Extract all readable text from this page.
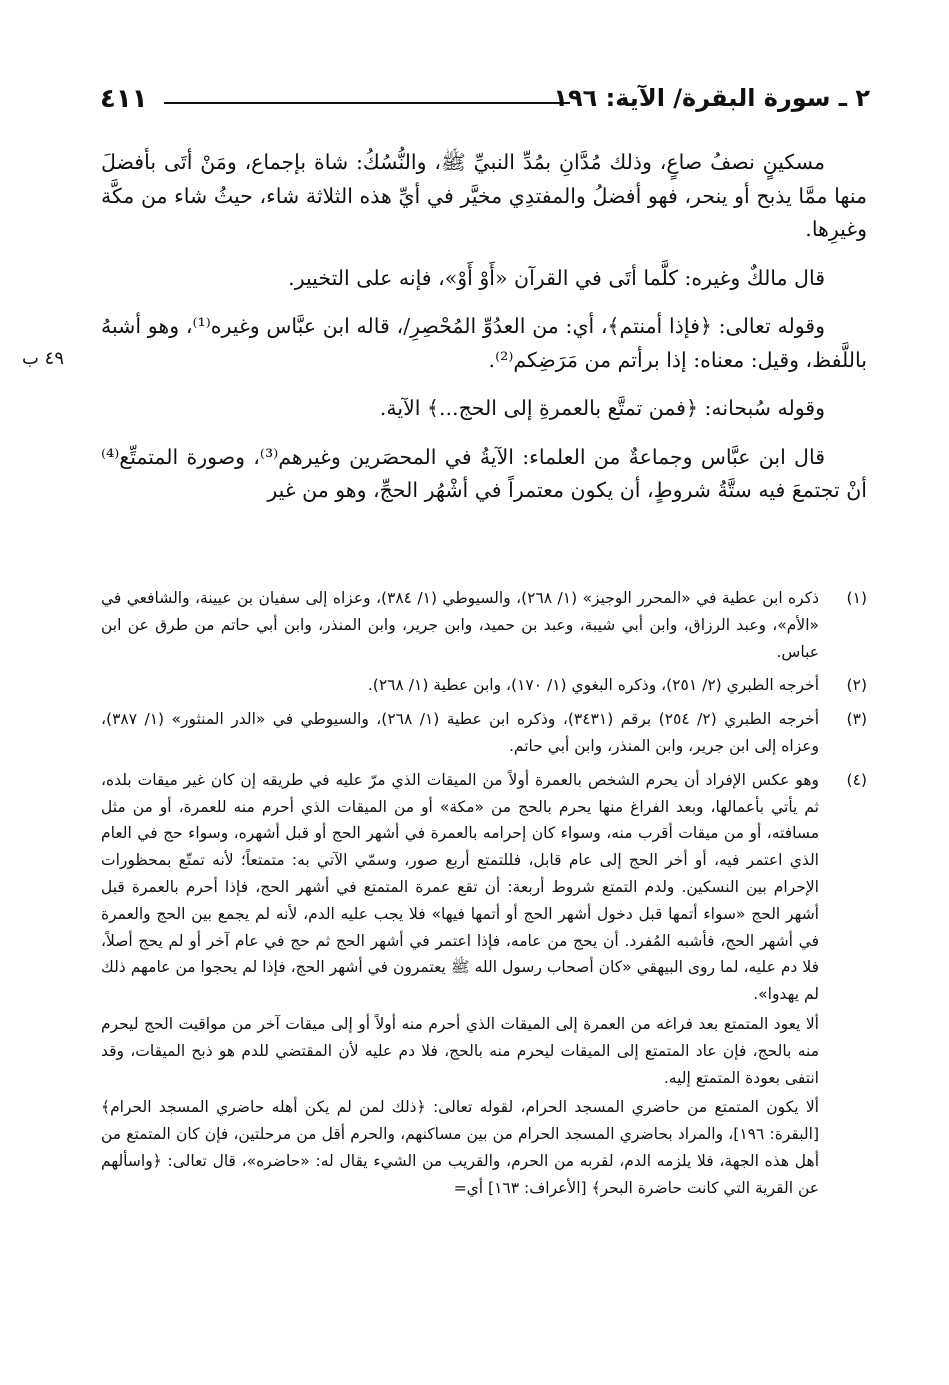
٤١١	٢ ـ سورة البقرة/ الآية: ١٩٦
٤٩ ب

مسكينٍ نصفُ صاعٍ، وذلك مُدَّانِ بمُدِّ النبيِّ ﷺ، والنُّسُكُ: شاة بإجماع، ومَنْ أتَى بأفضلَ منها ممَّا يذبح أو ينحر، فهو أفضلُ والمفتدِي مخيَّر في أيِّ هذه الثلاثة شاء، حيثُ شاء من مكَّة وغيرِها.

قال مالكٌ وغيره: كلَّما أتَى في القرآن «أَوْ أَوْ»، فإنه على التخيير.

وقوله تعالى: ﴿فإذا أمنتم﴾، أي: من العدُوِّ المُحْصِرِ/، قاله ابن عبَّاس وغيره⁽¹⁾، وهو أشبهُ باللَّفظ، وقيل: معناه: إذا برأتم من مَرَضِكم⁽²⁾.

وقوله سُبحانه: ﴿فمن تمتَّع بالعمرةِ إلى الحج...﴾ الآية.

قال ابن عبَّاس وجماعةٌ من العلماء: الآيةُ في المحصَرين وغيرهم⁽³⁾، وصورة المتمتِّع⁽⁴⁾ أنْ تجتمعَ فيه ستَّةُ شروطٍ، أن يكون معتمراً في أشْهُر الحجِّ، وهو من غير

(١)

ذكره ابن عطية في «المحرر الوجيز» (١/ ٢٦٨)، والسيوطي (١/ ٣٨٤)، وعزاه إلى سفيان بن عيينة، والشافعي في «الأم»، وعبد الرزاق، وابن أبي شيبة، وعبد بن حميد، وابن جرير، وابن المنذر، وابن أبي حاتم من طرق عن ابن عباس.

(٢)

أخرجه الطبري (٢/ ٢٥١)، وذكره البغوي (١/ ١٧٠)، وابن عطية (١/ ٢٦٨).

(٣)

أخرجه الطبري (٢/ ٢٥٤) برقم (٣٤٣١)، وذكره ابن عطية (١/ ٢٦٨)، والسيوطي في «الدر المنثور» (١/ ٣٨٧)، وعزاه إلى ابن جرير، وابن المنذر، وابن أبي حاتم.

(٤)

وهو عكس الإفراد أن يحرم الشخص بالعمرة أولاً من الميقات الذي مرّ عليه في طريقه إن كان غير ميقات بلده، ثم يأتي بأعمالها، وبعد الفراغ منها يحرم بالحج من «مكة» أو من الميقات الذي أحرم منه للعمرة، أو من مثل مسافته، أو من ميقات أقرب منه، وسواء كان إحرامه بالعمرة في أشهر الحج أو قبل أشهره، وسواء حج في العام الذي اعتمر فيه، أو أخر الحج إلى عام قابل، فللتمتع أربع صور، وسمّي الآتي به: متمتعاً؛ لأنه تمتّع بمحظورات الإحرام بين النسكين. ولدم التمتع شروط أربعة: أن تقع عمرة المتمتع في أشهر الحج، فإذا أحرم بالعمرة قبل أشهر الحج «سواء أتمها قبل دخول أشهر الحج أو أتمها فيها» فلا يجب عليه الدم، لأنه لم يجمع بين الحج والعمرة في أشهر الحج، فأشبه المُفرد. أن يحج من عامه، فإذا اعتمر في أشهر الحج ثم حج في عام آخر أو لم يحج أصلاً، فلا دم عليه، لما روى البيهقي «كان أصحاب رسول الله ﷺ يعتمرون في أشهر الحج، فإذا لم يحجوا من عامهم ذلك لم يهدوا».

ألا يعود المتمتع بعد فراغه من العمرة إلى الميقات الذي أحرم منه أولاً أو إلى ميقات آخر من مواقيت الحج ليحرم منه بالحج، فإن عاد المتمتع إلى الميقات ليحرم منه بالحج، فلا دم عليه لأن المقتضي للدم هو ذبح الميقات، وقد انتفى بعودة المتمتع إليه.

ألا يكون المتمتع من حاضري المسجد الحرام، لقوله تعالى: ﴿ذلك لمن لم يكن أهله حاضري المسجد الحرام﴾ [البقرة: ١٩٦]، والمراد بحاضري المسجد الحرام من بين مساكنهم، والحرم أقل من مرحلتين، فإن كان المتمتع من أهل هذه الجهة، فلا يلزمه الدم، لقربه من الحرم، والقريب من الشيء يقال له: «حاضره»، قال تعالى: ﴿واسألهم عن القرية التي كانت حاضرة البحر﴾ [الأعراف: ١٦٣] أي=
